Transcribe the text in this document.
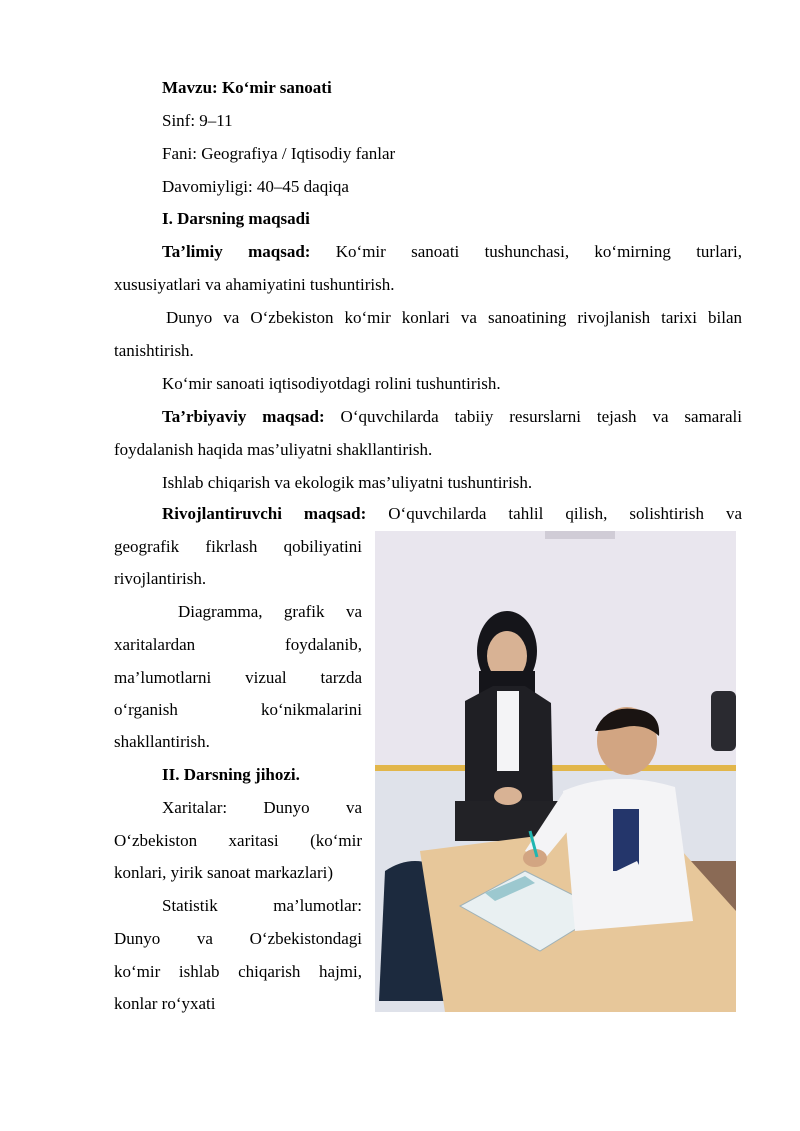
Mavzu: Ko‘mir sanoati
Sinf: 9–11
Fani: Geografiya / Iqtisodiy fanlar
Davomiyligi: 40–45 daqiqa
I. Darsning maqsadi
Ta’limiy maqsad: Ko‘mir sanoati tushunchasi, ko‘mirning turlari,
xususiyatlari va ahamiyatini tushuntirish.
Dunyo va O‘zbekiston ko‘mir konlari va sanoatining rivojlanish tarixi bilan
tanishtirish.
Ko‘mir sanoati iqtisodiyotdagi rolini tushuntirish.
Ta’rbiyaviy maqsad: O‘quvchilarda tabiiy resurslarni tejash va samarali
foydalanish haqida mas’uliyatni shakllantirish.
Ishlab chiqarish va ekologik mas’uliyatni tushuntirish.
Rivojlantiruvchi maqsad: O‘quvchilarda tahlil qilish, solishtirish va
geografik fikrlash qobiliyatini
rivojlantirish.
Diagramma, grafik va
xaritalardan foydalanib,
ma’lumotlarni vizual tarzda
o‘rganish ko‘nikmalarini
shakllantirish.
II. Darsning jihozi.
Xaritalar: Dunyo va
O‘zbekiston xaritasi (ko‘mir
konlari, yirik sanoat markazlari)
Statistik ma’lumotlar:
Dunyo va O‘zbekistondagi
ko‘mir ishlab chiqarish hajmi,
konlar ro‘yxati
